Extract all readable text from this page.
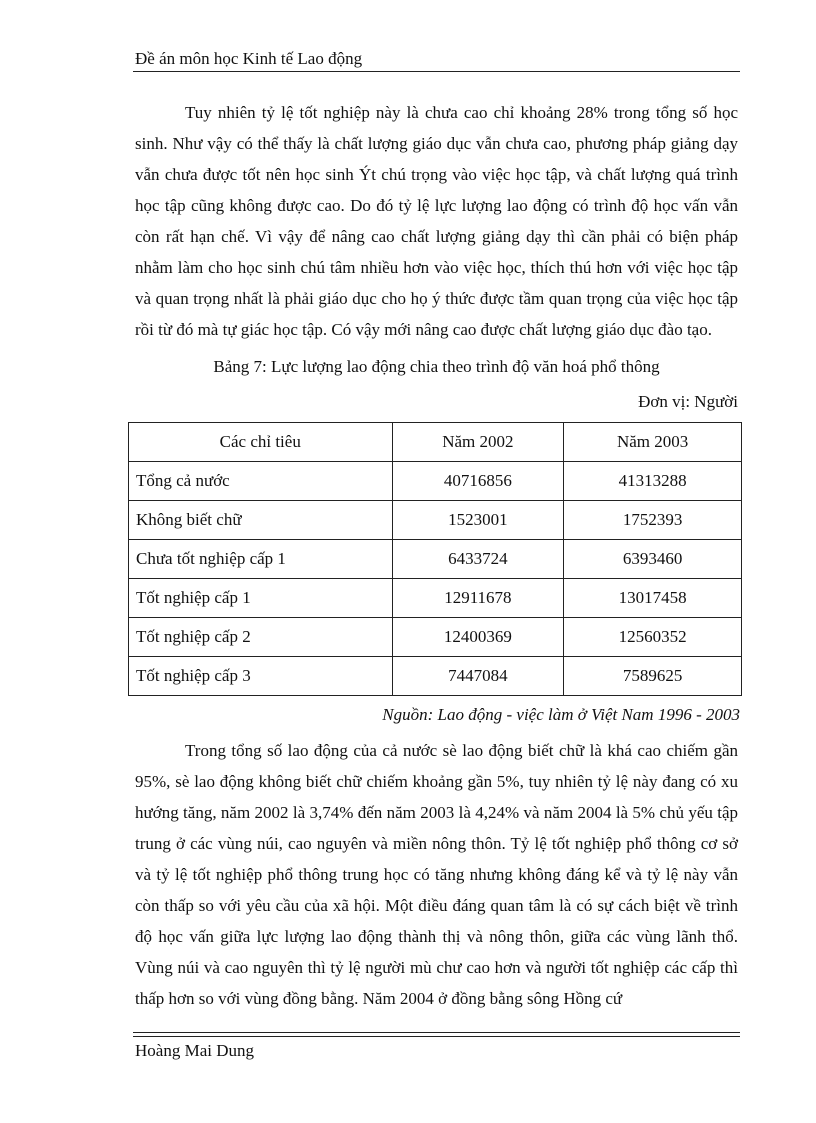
Đề án môn học Kinh tế Lao động

Tuy nhiên tỷ lệ tốt nghiệp này là chưa cao chỉ khoảng 28% trong tổng số học sinh. Như vậy có thể thấy là chất lượng giáo dục vẫn chưa cao, phương pháp giảng dạy vẫn chưa được tốt nên học sinh Ýt chú trọng vào việc học tập, và chất lượng quá trình học tập cũng không được cao. Do đó tỷ lệ lực lượng lao động có trình độ học vấn vẫn còn rất hạn chế. Vì vậy để nâng cao chất lượng giảng dạy thì cần phải có biện pháp nhằm làm cho học sinh chú tâm nhiều hơn vào việc học, thích thú hơn với việc học tập và quan trọng nhất là phải giáo dục cho họ ý thức được tầm quan trọng của việc học tập rồi từ đó mà tự giác học tập. Có vậy mới nâng cao được chất lượng giáo dục đào tạo.

Bảng 7: Lực lượng lao động chia theo trình độ văn hoá phổ thông
Đơn vị: Người
Các chỉ tiêu	Năm 2002	Năm 2003
Tổng cả nước	40716856	41313288
Không biết chữ	1523001	1752393
Chưa tốt nghiệp cấp 1	6433724	6393460
Tốt nghiệp cấp 1	12911678	13017458
Tốt nghiệp cấp 2	12400369	12560352
Tốt nghiệp cấp 3	7447084	7589625
Nguồn: Lao động - việc làm ở Việt Nam 1996 - 2003

Trong tổng số lao động của cả nước sè lao động biết chữ là khá cao chiếm gần 95%, sè lao động không biết chữ chiếm khoảng gần 5%, tuy nhiên tỷ lệ này đang có xu hướng tăng, năm 2002 là 3,74% đến năm 2003 là 4,24% và năm 2004 là 5% chủ yếu tập trung ở các vùng núi, cao nguyên và miền nông thôn. Tỷ lệ tốt nghiệp phổ thông cơ sở và tỷ lệ tốt nghiệp phổ thông trung học có tăng nhưng không đáng kể và tỷ lệ này vẫn còn thấp so với yêu cầu của xã hội. Một điều đáng quan tâm là có sự cách biệt về trình độ học vấn giữa lực lượng lao động thành thị và nông thôn, giữa các vùng lãnh thổ. Vùng núi và cao nguyên thì tỷ lệ người mù chư cao hơn và người tốt nghiệp các cấp thì thấp hơn so với vùng đồng bằng. Năm 2004 ở đồng bằng sông Hồng cứ

Hoàng Mai Dung
